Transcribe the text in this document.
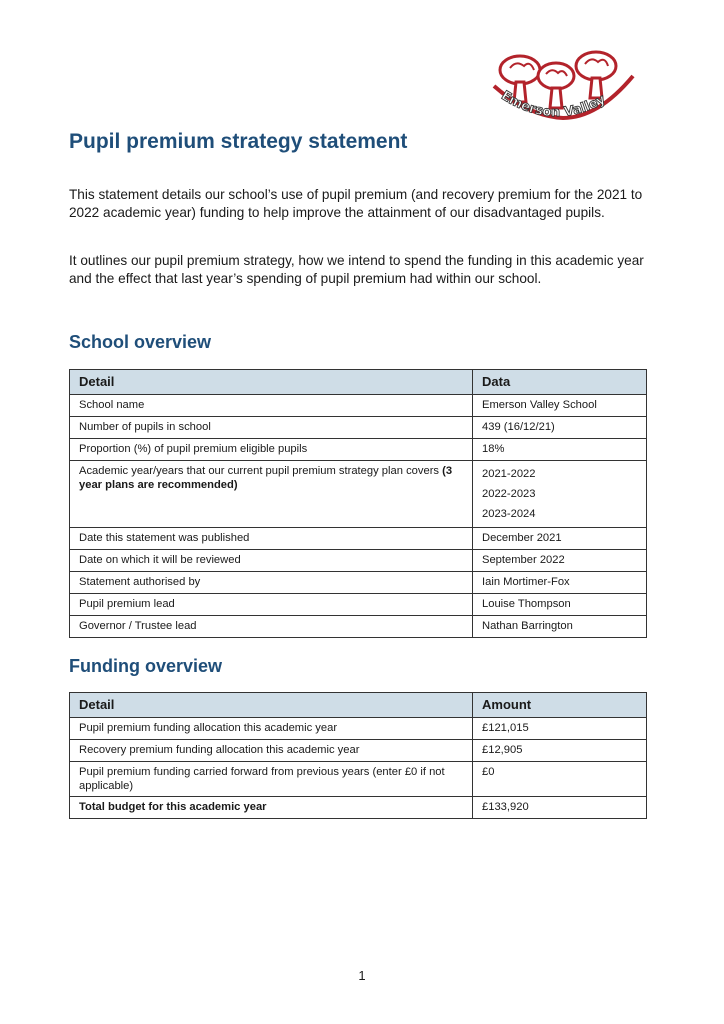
Emerson Valley
Pupil premium strategy statement

This statement details our school’s use of pupil premium (and recovery premium for the 2021 to 2022 academic year) funding to help improve the attainment of our disadvantaged pupils.

It outlines our pupil premium strategy, how we intend to spend the funding in this academic year and the effect that last year’s spending of pupil premium had within our school.

School overview
Detail	Data
School name	Emerson Valley School
Number of pupils in school	439 (16/12/21)
Proportion (%) of pupil premium eligible pupils	18%
Academic year/years that our current pupil premium strategy plan covers (3 year plans are recommended)	2021-2022
2022-2023
2023-2024

Date this statement was published	December 2021
Date on which it will be reviewed	September 2022
Statement authorised by	Iain Mortimer-Fox
Pupil premium lead	Louise Thompson
Governor / Trustee lead	Nathan Barrington
Funding overview
Detail	Amount
Pupil premium funding allocation this academic year	£121,015
Recovery premium funding allocation this academic year	£12,905
Pupil premium funding carried forward from previous years (enter £0 if not applicable)	£0
Total budget for this academic year	£133,920
1
